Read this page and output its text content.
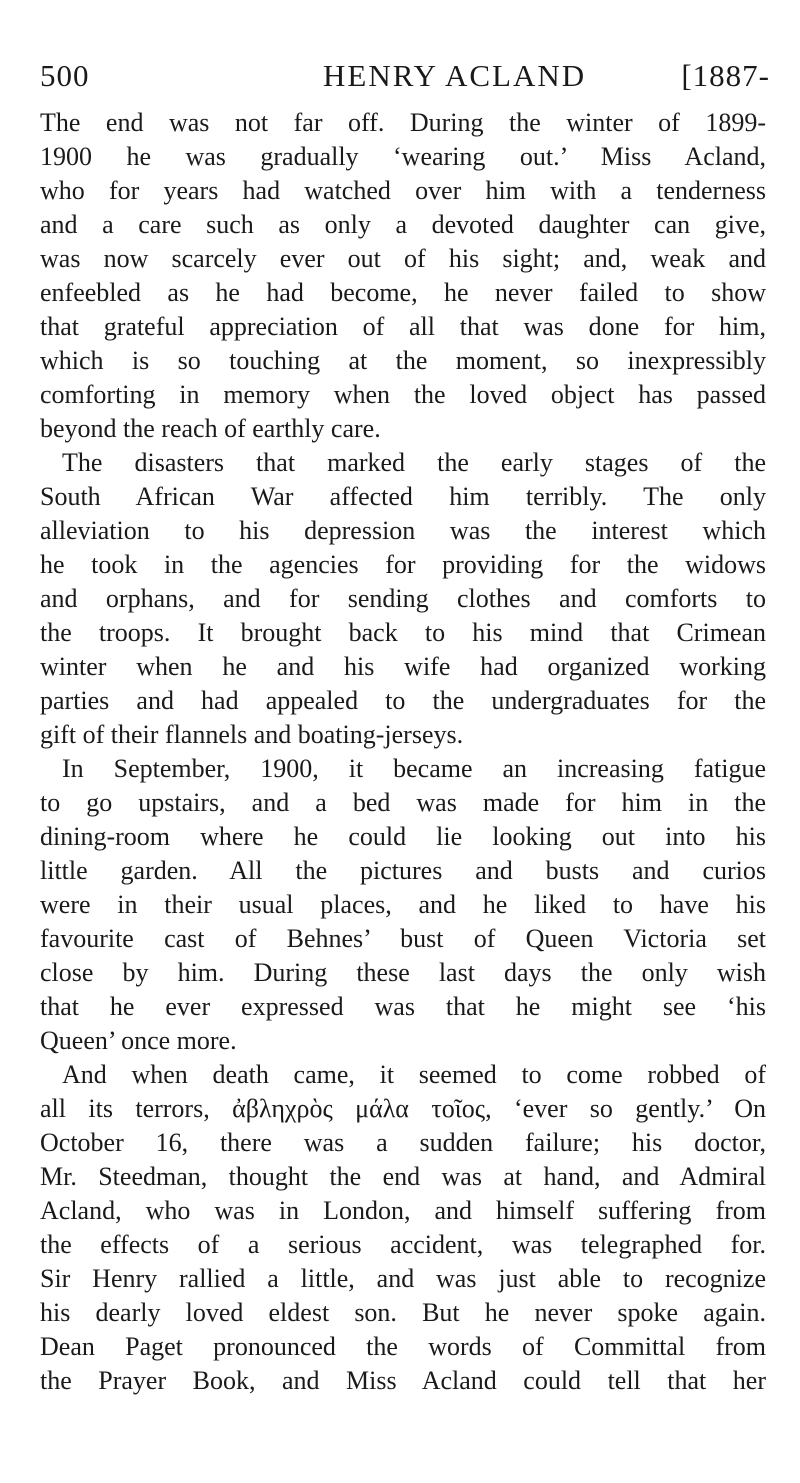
500	HENRY ACLAND	[1887-
The end was not far off. During the winter of 1899-
1900 he was gradually ‘wearing out.’ Miss Acland,
who for years had watched over him with a tenderness
and a care such as only a devoted daughter can give,
was now scarcely ever out of his sight; and, weak and
enfeebled as he had become, he never failed to show
that grateful appreciation of all that was done for him,
which is so touching at the moment, so inexpressibly
comforting in memory when the loved object has passed
beyond the reach of earthly care.
The disasters that marked the early stages of the
South African War affected him terribly. The only
alleviation to his depression was the interest which
he took in the agencies for providing for the widows
and orphans, and for sending clothes and comforts to
the troops. It brought back to his mind that Crimean
winter when he and his wife had organized working
parties and had appealed to the undergraduates for the
gift of their flannels and boating-jerseys.
In September, 1900, it became an increasing fatigue
to go upstairs, and a bed was made for him in the
dining-room where he could lie looking out into his
little garden. All the pictures and busts and curios
were in their usual places, and he liked to have his
favourite cast of Behnes’ bust of Queen Victoria set
close by him. During these last days the only wish
that he ever expressed was that he might see ‘his
Queen’ once more.
And when death came, it seemed to come robbed of
all its terrors, ἀβληχρὸς μάλα τοῖος, ‘ever so gently.’ On
October 16, there was a sudden failure; his doctor,
Mr. Steedman, thought the end was at hand, and Admiral
Acland, who was in London, and himself suffering from
the effects of a serious accident, was telegraphed for.
Sir Henry rallied a little, and was just able to recognize
his dearly loved eldest son. But he never spoke again.
Dean Paget pronounced the words of Committal from
the Prayer Book, and Miss Acland could tell that her
